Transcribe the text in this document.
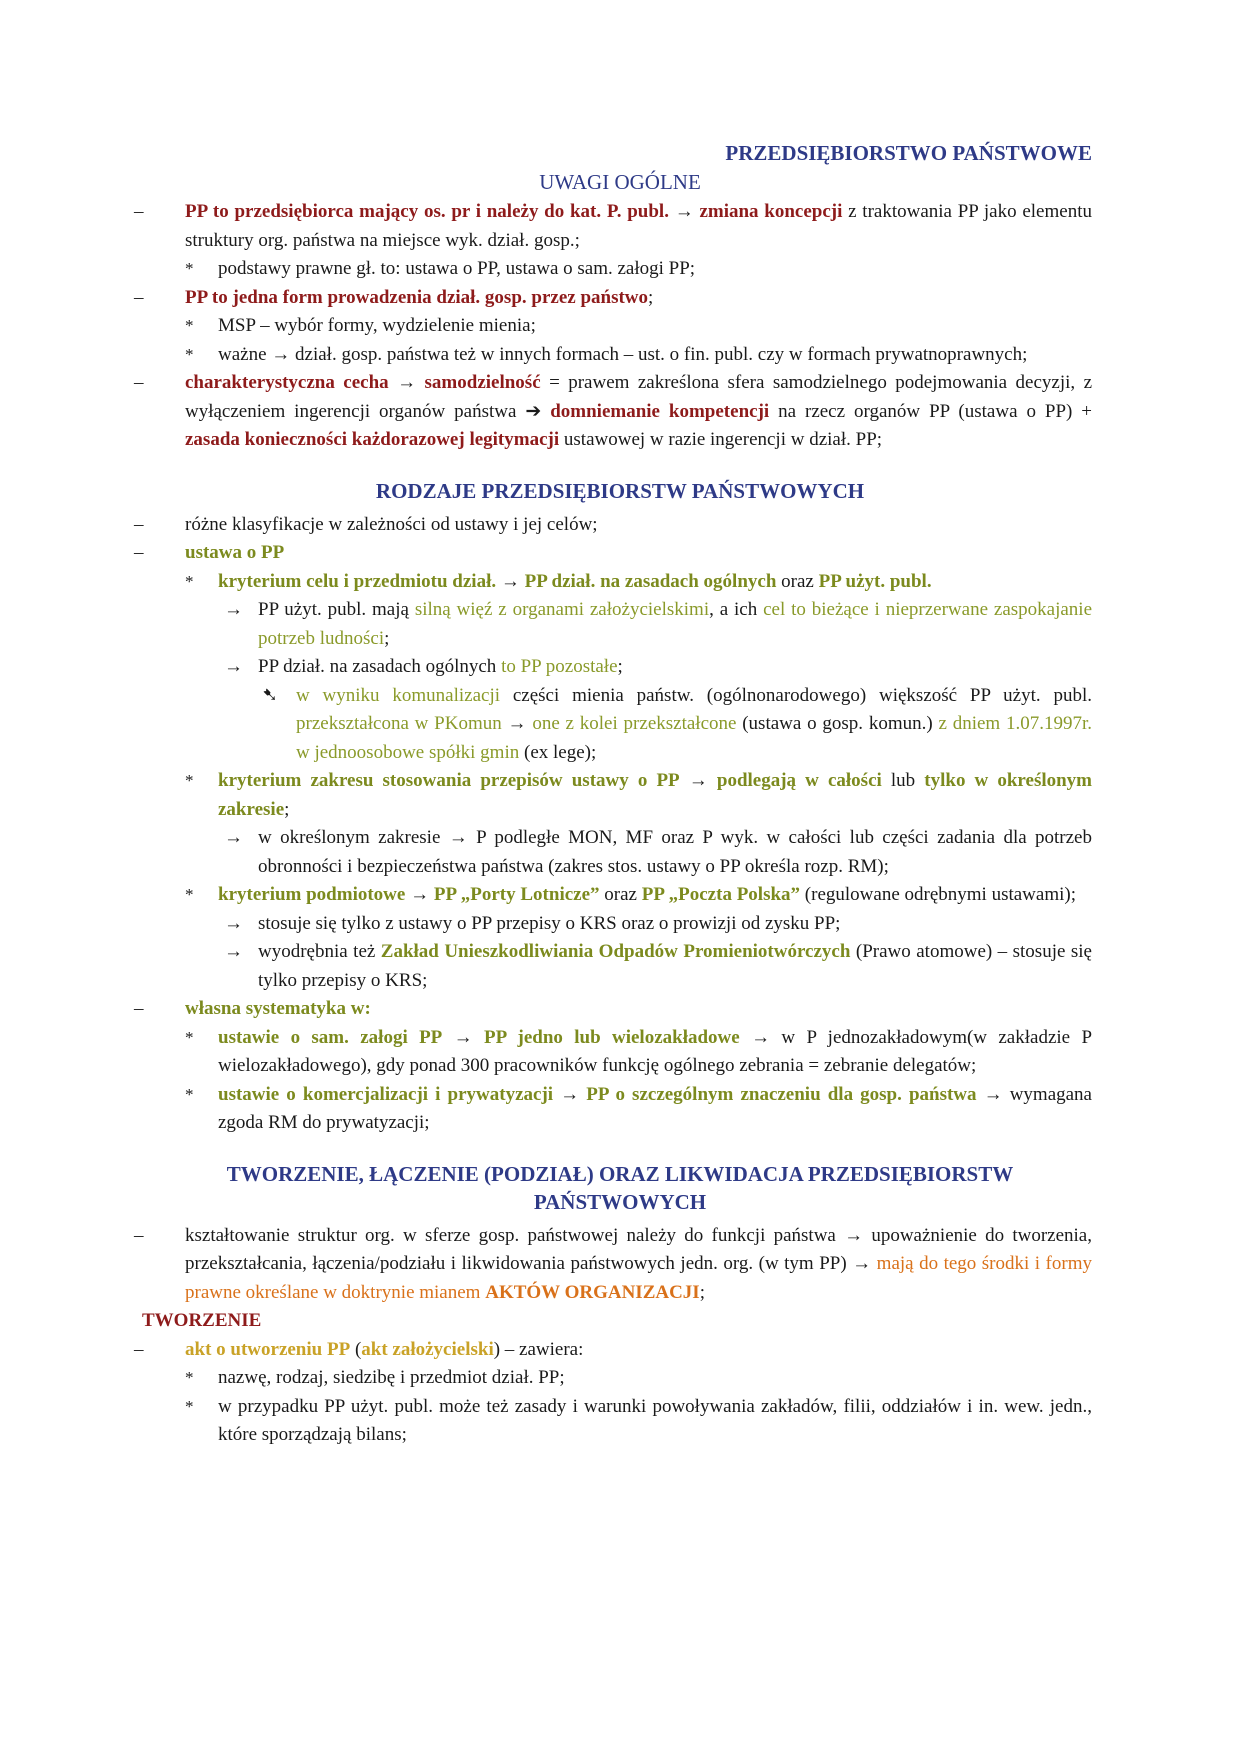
PRZEDSIĘBIORSTWO PAŃSTWOWE
UWAGI OGÓLNE
– PP to przedsiębiorca mający os. pr i należy do kat. P. publ. → zmiana koncepcji z traktowania PP jako elementu struktury org. państwa na miejsce wyk. dział. gosp.;
* podstawy prawne gł. to: ustawa o PP, ustawa o sam. załogi PP;
– PP to jedna form prowadzenia dział. gosp. przez państwo;
* MSP – wybór formy, wydzielenie mienia;
* ważne → dział. gosp. państwa też w innych formach – ust. o fin. publ. czy w formach prywatnoprawnych;
– charakterystyczna cecha → samodzielność = prawem zakreślona sfera samodzielnego podejmowania decyzji, z wyłączeniem ingerencji organów państwa ➔ domniemanie kompetencji na rzecz organów PP (ustawa o PP) + zasada konieczności każdorazowej legitymacji ustawowej w razie ingerencji w dział. PP;
RODZAJE PRZEDSIĘBIORSTW PAŃSTWOWYCH
– różne klasyfikacje w zależności od ustawy i jej celów;
– ustawa o PP
* kryterium celu i przedmiotu dział. → PP dział. na zasadach ogólnych oraz PP użyt. publ.
→ PP użyt. publ. mają silną więź z organami założycielskimi, a ich cel to bieżące i nieprzerwane zaspokajanie potrzeb ludności;
→ PP dział. na zasadach ogólnych to PP pozostałe;
➷ w wyniku komunalizacji części mienia państw. (ogólnonarodowego) większość PP użyt. publ. przekształcona w PKomun → one z kolei przekształcone (ustawa o gosp. komun.) z dniem 1.07.1997r. w jednoosobowe spółki gmin (ex lege);
* kryterium zakresu stosowania przepisów ustawy o PP → podlegają w całości lub tylko w określonym zakresie;
→ w określonym zakresie → P podległe MON, MF oraz P wyk. w całości lub części zadania dla potrzeb obronności i bezpieczeństwa państwa (zakres stos. ustawy o PP określa rozp. RM);
* kryterium podmiotowe → PP „Porty Lotnicze” oraz PP „Poczta Polska” (regulowane odrębnymi ustawami);
→ stosuje się tylko z ustawy o PP przepisy o KRS oraz o prowizji od zysku PP;
→ wyodrębnia też Zakład Unieszkodliwiania Odpadów Promieniotwórczych (Prawo atomowe) – stosuje się tylko przepisy o KRS;
– własna systematyka w:
* ustawie o sam. załogi PP → PP jedno lub wielozakładowe → w P jednozakładowym(w zakładzie P wielozakładowego), gdy ponad 300 pracowników funkcję ogólnego zebrania = zebranie delegatów;
* ustawie o komercjalizacji i prywatyzacji → PP o szczególnym znaczeniu dla gosp. państwa → wymagana zgoda RM do prywatyzacji;
TWORZENIE, ŁĄCZENIE (PODZIAŁ) ORAZ LIKWIDACJA PRZEDSIĘBIORSTW
PAŃSTWOWYCH
– kształtowanie struktur org. w sferze gosp. państwowej należy do funkcji państwa → upoważnienie do tworzenia, przekształcania, łączenia/podziału i likwidowania państwowych jedn. org. (w tym PP) → mają do tego środki i formy prawne określane w doktrynie mianem AKTÓW ORGANIZACJI;
TWORZENIE
– akt o utworzeniu PP (akt założycielski) – zawiera:
* nazwę, rodzaj, siedzibę i przedmiot dział. PP;
* w przypadku PP użyt. publ. może też zasady i warunki powoływania zakładów, filii, oddziałów i in. wew. jedn., które sporządzają bilans;
